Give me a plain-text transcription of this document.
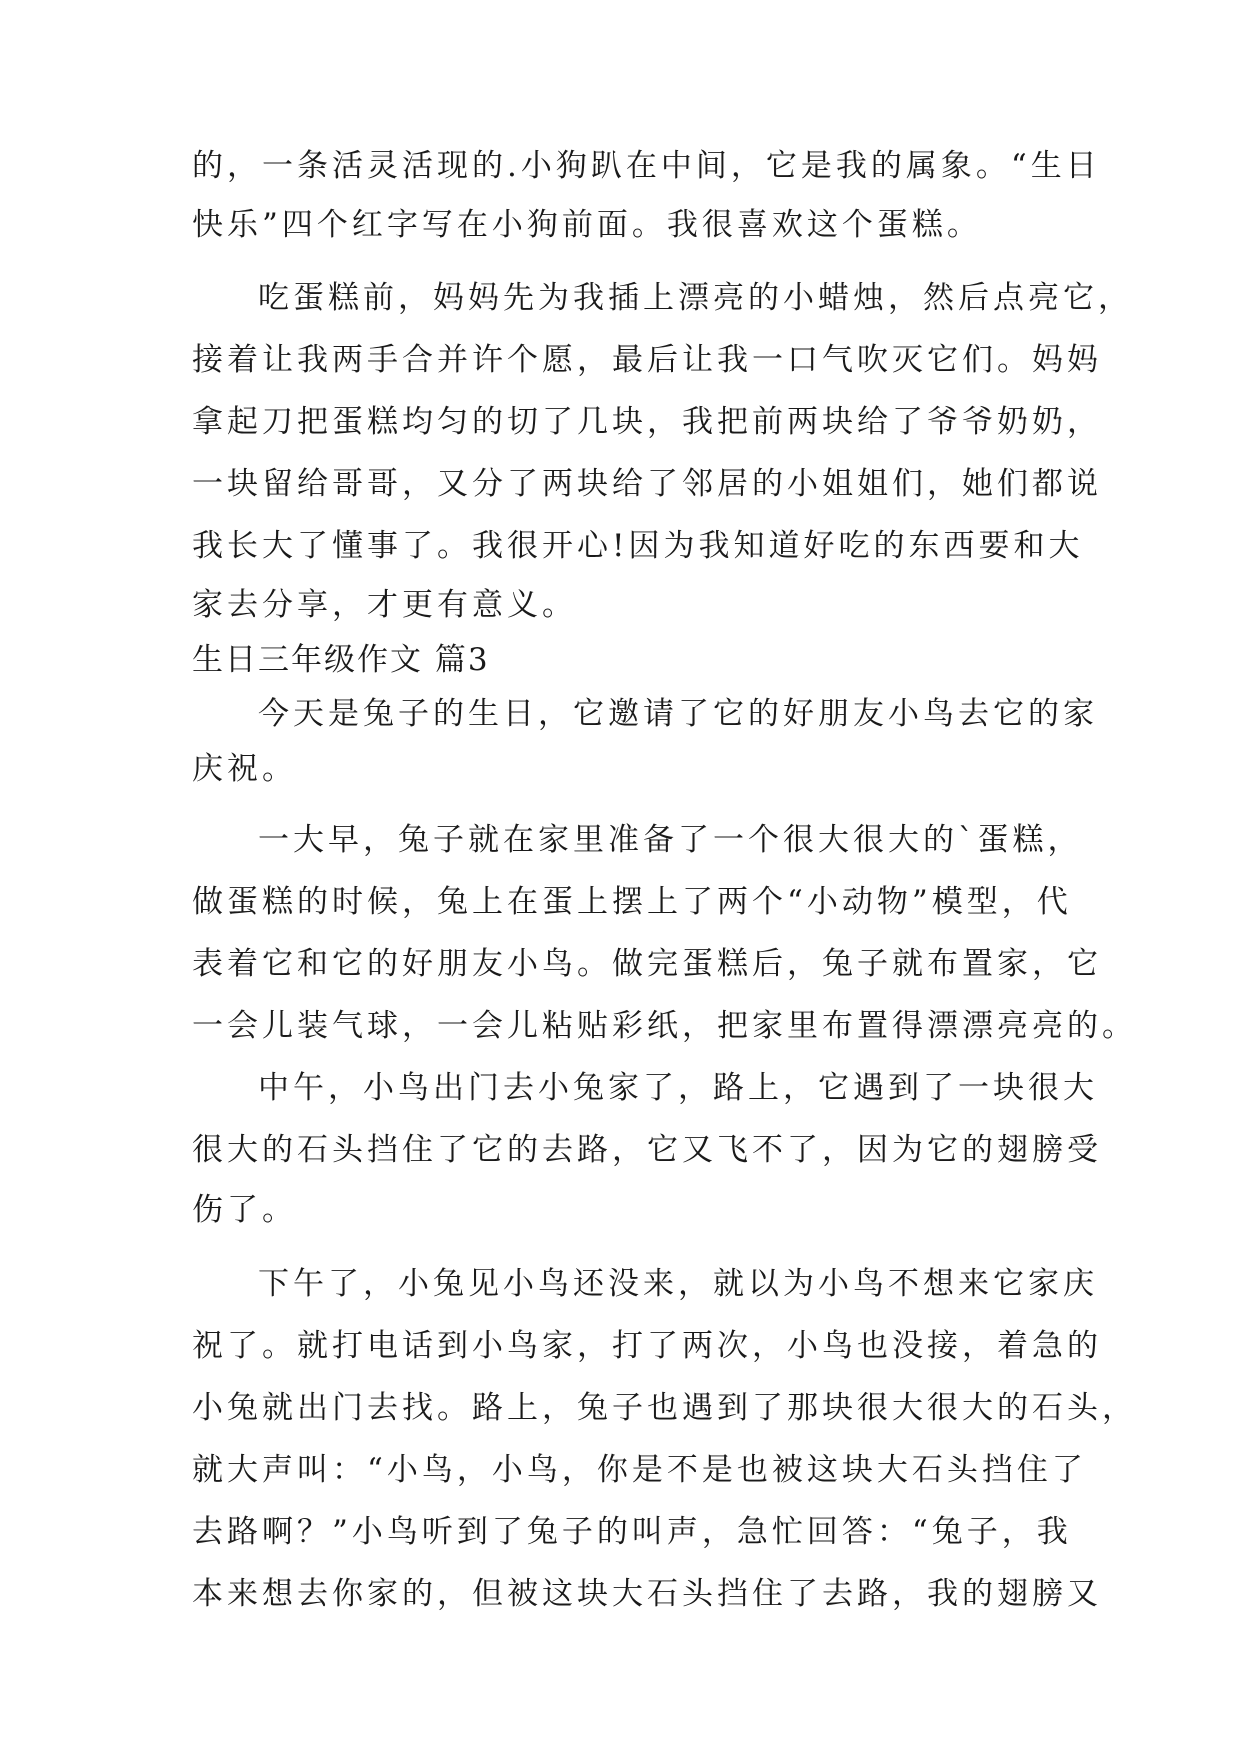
的，一条活灵活现的.小狗趴在中间，它是我的属象。“生日
快乐”四个红字写在小狗前面。我很喜欢这个蛋糕。
吃蛋糕前，妈妈先为我插上漂亮的小蜡烛，然后点亮它，
接着让我两手合并许个愿，最后让我一口气吹灭它们。妈妈
拿起刀把蛋糕均匀的切了几块，我把前两块给了爷爷奶奶，
一块留给哥哥，又分了两块给了邻居的小姐姐们，她们都说
我长大了懂事了。我很开心!因为我知道好吃的东西要和大
家去分享，才更有意义。
生日三年级作文 篇3
今天是兔子的生日，它邀请了它的好朋友小鸟去它的家
庆祝。
一大早，兔子就在家里准备了一个很大很大的`蛋糕，
做蛋糕的时候，兔上在蛋上摆上了两个“小动物”模型，代
表着它和它的好朋友小鸟。做完蛋糕后，兔子就布置家，它
一会儿装气球，一会儿粘贴彩纸，把家里布置得漂漂亮亮的。
中午，小鸟出门去小兔家了，路上，它遇到了一块很大
很大的石头挡住了它的去路，它又飞不了，因为它的翅膀受
伤了。
下午了，小兔见小鸟还没来，就以为小鸟不想来它家庆
祝了。就打电话到小鸟家，打了两次，小鸟也没接，着急的
小兔就出门去找。路上，兔子也遇到了那块很大很大的石头，
就大声叫：“小鸟，小鸟，你是不是也被这块大石头挡住了
去路啊？”小鸟听到了兔子的叫声，急忙回答：“兔子，我
本来想去你家的，但被这块大石头挡住了去路，我的翅膀又
